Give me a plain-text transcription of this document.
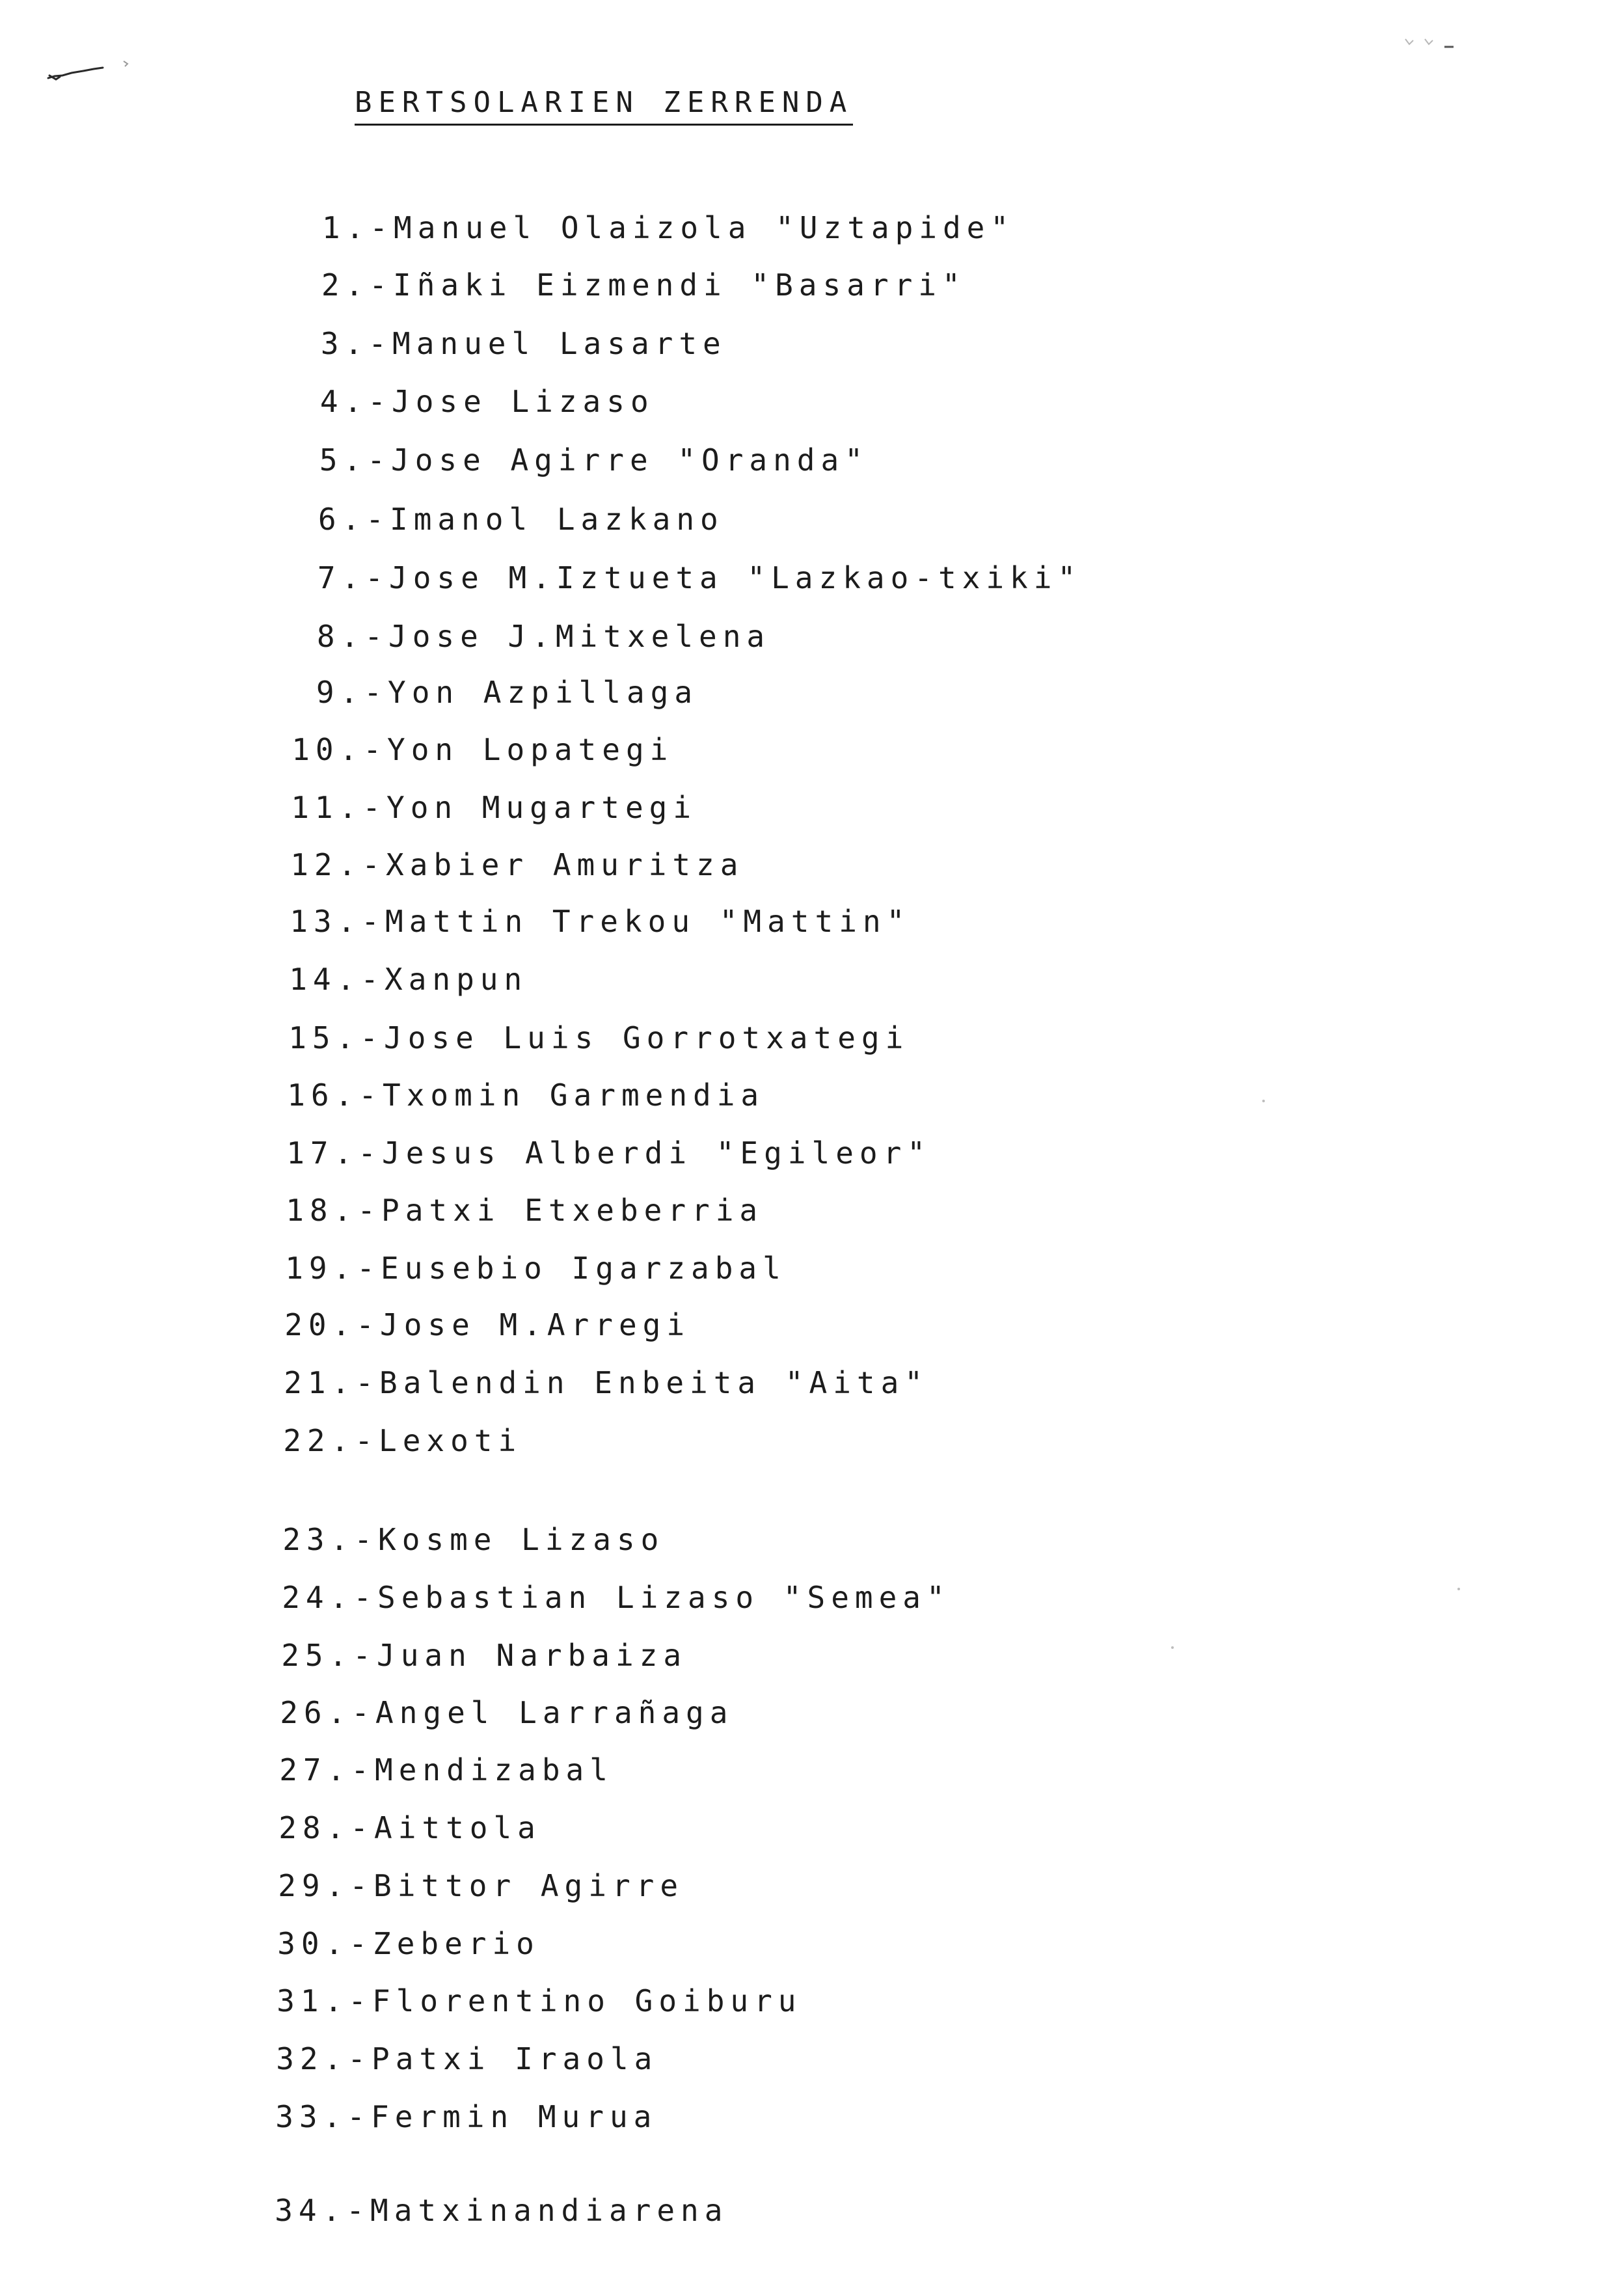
BERTSOLARIEN ZERRENDA
1.-Manuel Olaizola "Uztapide"
2.-Iñaki Eizmendi "Basarri"
3.-Manuel Lasarte
4.-Jose Lizaso
5.-Jose Agirre "Oranda"
6.-Imanol Lazkano
7.-Jose M.Iztueta "Lazkao-txiki"
8.-Jose J.Mitxelena
9.-Yon Azpillaga
10.-Yon Lopategi
11.-Yon Mugartegi
12.-Xabier Amuritza
13.-Mattin Trekou "Mattin"
14.-Xanpun
15.-Jose Luis Gorrotxategi
16.-Txomin Garmendia
17.-Jesus Alberdi "Egileor"
18.-Patxi Etxeberria
19.-Eusebio Igarzabal
20.-Jose M.Arregi
21.-Balendin Enbeita "Aita"
22.-Lexoti
23.-Kosme Lizaso
24.-Sebastian Lizaso "Semea"
25.-Juan Narbaiza
26.-Angel Larrañaga
27.-Mendizabal
28.-Aittola
29.-Bittor Agirre
30.-Zeberio
31.-Florentino Goiburu
32.-Patxi Iraola
33.-Fermin Murua
34.-Matxinandiarena
